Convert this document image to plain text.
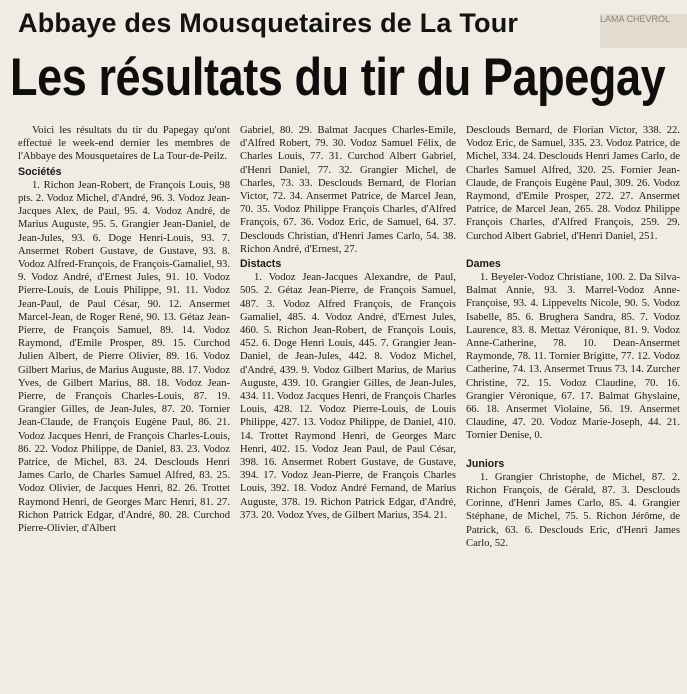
Abbaye des Mousquetaires de La Tour	LAMA CHEVROL
Les résultats du tir du Papegay

Voici les résultats du tir du Papegay qu'ont effectué le week-end dernier les membres de l'Abbaye des Mousquetaires de La Tour-de-Peilz.

Sociétés

1. Richon Jean-Robert, de François Louis, 98 pts. 2. Vodoz Michel, d'André, 96. 3. Vodoz Jean-Jacques Alex, de Paul, 95. 4. Vodoz André, de Marius Auguste, 95. 5. Grangier Jean-Daniel, de Jean-Jules, 93. 6. Doge Henri-Louis, 93. 7. Ansermet Robert Gustave, de Gustave, 93. 8. Vodoz Alfred-François, de François-Gamaliel, 93. 9. Vodoz André, d'Ernest Jules, 91. 10. Vodoz Pierre-Louis, de Louis Philippe, 91. 11. Vodoz Jean-Paul, de Paul César, 90. 12. Ansermet Marcel-Jean, de Roger René, 90. 13. Gétaz Jean-Pierre, de François Samuel, 89. 14. Vodoz Raymond, d'Emile Prosper, 89. 15. Curchod Julien Albert, de Pierre Olivier, 89. 16. Vodoz Gilbert Marius, de Marius Auguste, 88. 17. Vodoz Yves, de Gilbert Marius, 88. 18. Vodoz Jean-Pierre, de François Charles-Louis, 87. 19. Grangier Gilles, de Jean-Jules, 87. 20. Tornier Jean-Claude, de François Eugène Paul, 86. 21. Vodoz Jacques Henri, de François Charles-Louis, 86. 22. Vodoz Philippe, de Daniel, 83. 23. Vodoz Patrice, de Michel, 83. 24. Desclouds Henri James Carlo, de Charles Samuel Alfred, 83. 25. Vodoz Olivier, de Jacques Henri, 82. 26. Trottet Raymond Henri, de Georges Marc Henri, 81. 27. Richon Patrick Edgar, d'André, 80. 28. Curchod Pierre-Olivier, d'Albert

Gabriel, 80. 29. Balmat Jacques Charles-Emile, d'Alfred Robert, 79. 30. Vodoz Samuel Félix, de Charles Louis, 77. 31. Curchod Albert Gabriel, d'Henri Daniel, 77. 32. Grangier Michel, de Charles, 73. 33. Desclouds Bernard, de Florian Victor, 72. 34. Ansermet Patrice, de Marcel Jean, 70. 35. Vodoz Philippe François Charles, d'Alfred François, 67. 36. Vodoz Eric, de Samuel, 64. 37. Desclouds Christian, d'Henri James Carlo, 54. 38. Richon André, d'Ernest, 27.

Distacts

1. Vodoz Jean-Jacques Alexandre, de Paul, 505. 2. Gétaz Jean-Pierre, de François Samuel, 487. 3. Vodoz Alfred François, de François Gamaliel, 485. 4. Vodoz André, d'Ernest Jules, 460. 5. Richon Jean-Robert, de François Louis, 452. 6. Doge Henri Louis, 445. 7. Grangier Jean-Daniel, de Jean-Jules, 442. 8. Vodoz Michel, d'André, 439. 9. Vodoz Gilbert Marius, de Marius Auguste, 439. 10. Grangier Gilles, de Jean-Jules, 434. 11. Vodoz Jacques Henri, de François Charles Louis, 428. 12. Vodoz Pierre-Louis, de Louis Philippe, 427. 13. Vodoz Philippe, de Daniel, 410. 14. Trottet Raymond Henri, de Georges Marc Henri, 402. 15. Vodoz Jean Paul, de Paul César, 398. 16. Ansermet Robert Gustave, de Gustave, 394. 17. Vodoz Jean-Pierre, de François Charles Louis, 392. 18. Vodoz André Fernand, de Marius Auguste, 378. 19. Richon Patrick Edgar, d'André, 373. 20. Vodoz Yves, de Gilbert Marius, 354. 21.

Desclouds Bernard, de Florian Victor, 338. 22. Vodoz Eric, de Samuel, 335. 23. Vodoz Patrice, de Michel, 334. 24. Desclouds Henri James Carlo, de Charles Samuel Alfred, 320. 25. Fornier Jean-Claude, de François Eugène Paul, 309. 26. Vodoz Raymond, d'Emile Prosper, 272. 27. Ansermet Patrice, de Marcel Jean, 265. 28. Vodoz Philippe François Charles, d'Alfred François, 259. 29. Curchod Albert Gabriel, d'Henri Daniel, 251.

Dames

1. Beyeler-Vodoz Christiane, 100. 2. Da Silva-Balmat Annie, 93. 3. Marrel-Vodoz Anne-Françoise, 93. 4. Lippevelts Nicole, 90. 5. Vodoz Isabelle, 85. 6. Brughera Sandra, 85. 7. Vodoz Laurence, 83. 8. Mettaz Véronique, 81. 9. Vodoz Anne-Catherine, 78. 10. Dean-Ansermet Raymonde, 78. 11. Tornier Brigitte, 77. 12. Vodoz Catherine, 74. 13. Ansermet Truus 73. 14. Zurcher Christine, 72. 15. Vodoz Claudine, 70. 16. Grangier Véronique, 67. 17. Balmat Ghyslaine, 66. 18. Ansermet Violaine, 56. 19. Ansermet Claudine, 47. 20. Vodoz Marie-Joseph, 44. 21. Tornier Denise, 0.

Juniors

1. Grangier Christophe, de Michel, 87. 2. Richon François, de Gérald, 87. 3. Desclouds Corinne, d'Henri James Carlo, 85. 4. Grangier Stéphane, de Michel, 75. 5. Richon Jérôme, de Patrick, 63. 6. Desclouds Eric, d'Henri James Carlo, 52.
